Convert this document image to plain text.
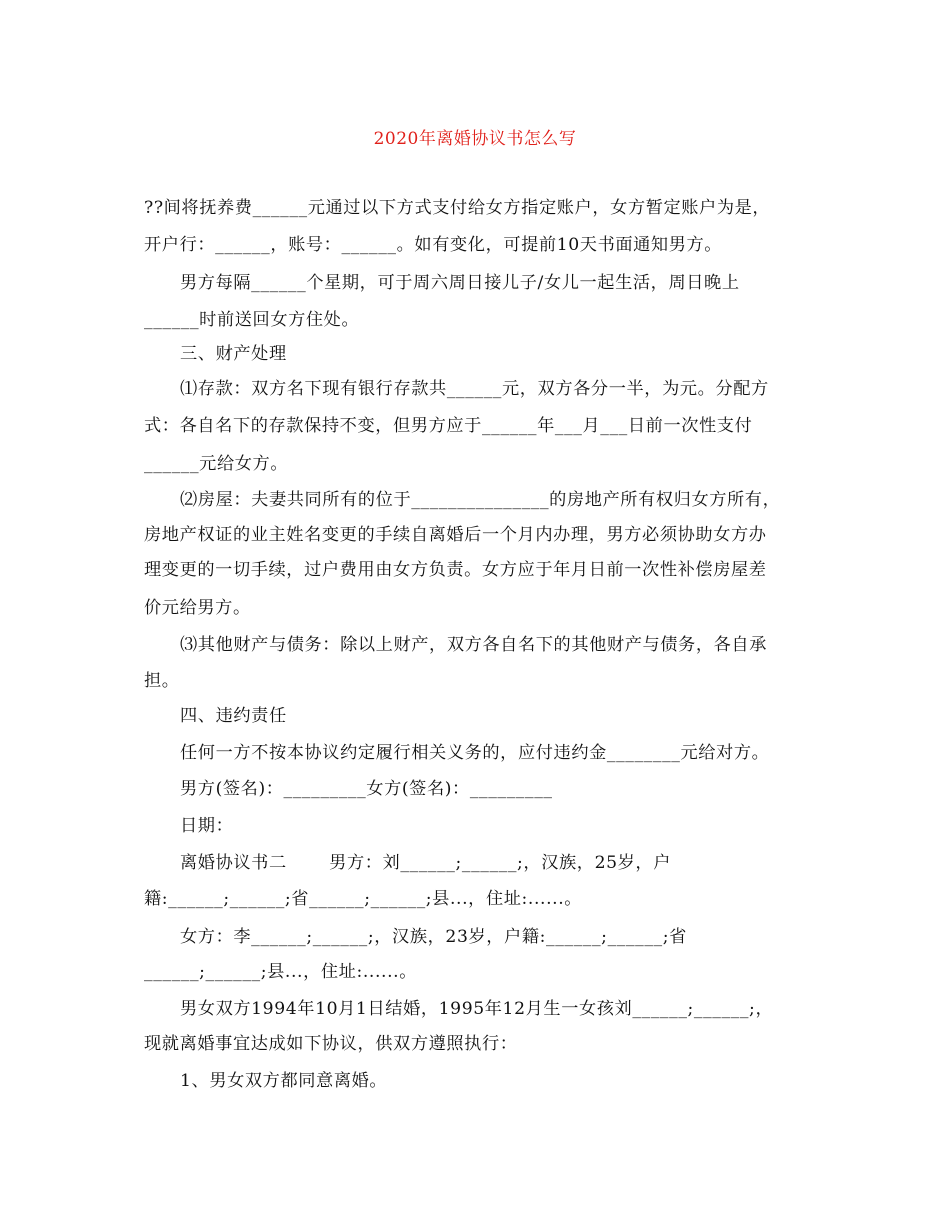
2020年离婚协议书怎么写
??间将抚养费______元通过以下方式支付给女方指定账户，女方暂定账户为是，
开户行：______，账号：______。如有变化，可提前10天书面通知男方。
男方每隔______个星期，可于周六周日接儿子/女儿一起生活，周日晚上
______时前送回女方住处。
三、财产处理
⑴存款：双方名下现有银行存款共______元，双方各分一半，为元。分配方
式：各自名下的存款保持不变，但男方应于______年___月___日前一次性支付
______元给女方。
⑵房屋：夫妻共同所有的位于_______________的房地产所有权归女方所有，
房地产权证的业主姓名变更的手续自离婚后一个月内办理，男方必须协助女方办
理变更的一切手续，过户费用由女方负责。女方应于年月日前一次性补偿房屋差
价元给男方。
⑶其他财产与债务：除以上财产，双方各自名下的其他财产与债务，各自承
担。
四、违约责任
任何一方不按本协议约定履行相关义务的，应付违约金________元给对方。
男方(签名)：_________女方(签名)：_________
日期：
离婚协议书二       男方：刘______;______;，汉族，25岁，户
籍:______;______;省______;______;县...，住址:......。
女方：李______;______;，汉族，23岁，户籍:______;______;省
______;______;县...，住址:......。
男女双方1994年10月1日结婚，1995年12月生一女孩刘______;______;，
现就离婚事宜达成如下协议，供双方遵照执行：
1、男女双方都同意离婚。
